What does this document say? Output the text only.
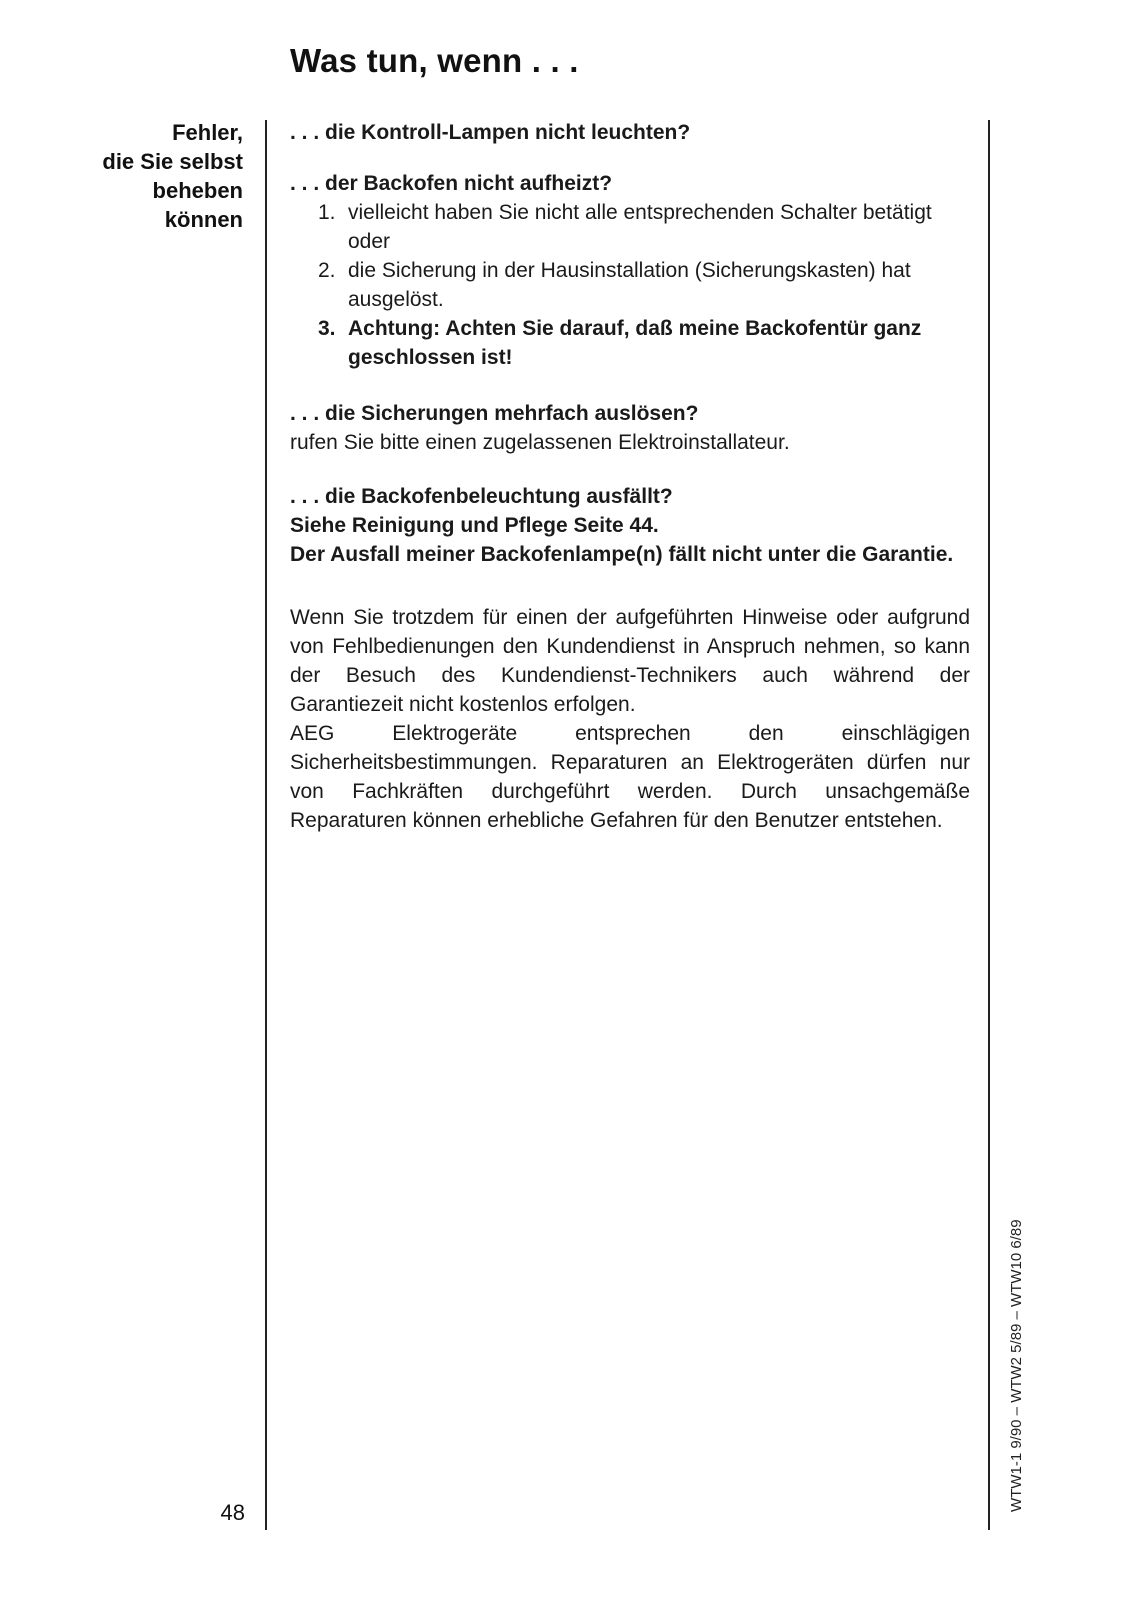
Was tun, wenn . . .
Fehler,
die Sie selbst
beheben
können

. . . die Kontroll-Lampen nicht leuchten?

. . . der Backofen nicht aufheizt?

1. vielleicht haben Sie nicht alle entsprechenden Schalter betätigt oder
2. die Sicherung in der Hausinstallation (Sicherungskasten) hat ausgelöst.
3. Achtung: Achten Sie darauf, daß meine Backofentür ganz geschlossen ist!

. . . die Sicherungen mehrfach auslösen?

rufen Sie bitte einen zugelassenen Elektroinstallateur.

. . . die Backofenbeleuchtung ausfällt?

Siehe Reinigung und Pflege Seite 44.

Der Ausfall meiner Backofenlampe(n) fällt nicht unter die Garantie.

Wenn Sie trotzdem für einen der aufgeführten Hinweise oder aufgrund von Fehlbedienungen den Kundendienst in Anspruch nehmen, so kann der Besuch des Kundendienst-Technikers auch während der Garantiezeit nicht kostenlos erfolgen.

AEG Elektrogeräte entsprechen den einschlägigen Sicherheitsbestimmungen. Reparaturen an Elektrogeräten dürfen nur von Fachkräften durchgeführt werden. Durch unsachgemäße Reparaturen können erhebliche Gefahren für den Benutzer entstehen.

48
WTW1-1 9/90 – WTW2 5/89 – WTW10 6/89
